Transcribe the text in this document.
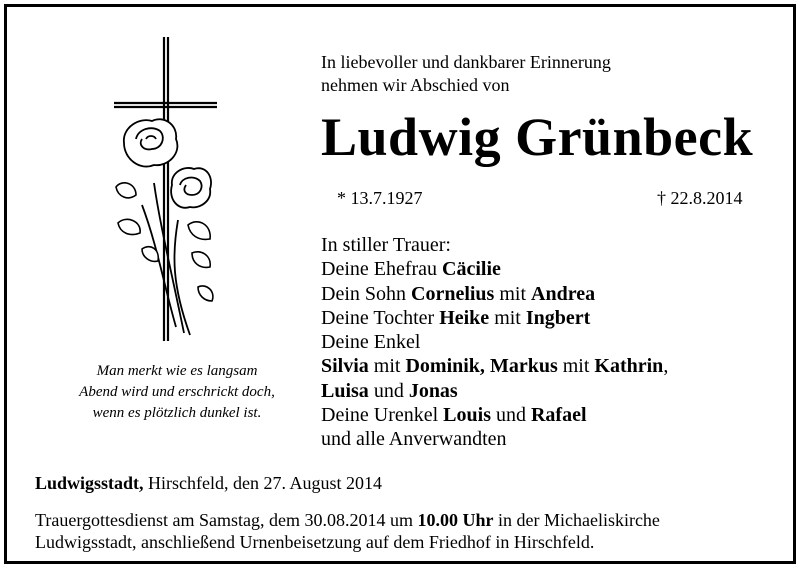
Man merkt wie es langsam
Abend wird und erschrickt doch,
wenn es plötzlich dunkel ist.
In liebevoller und dankbarer Erinnerung
nehmen wir Abschied von
Ludwig Grünbeck
* 13.7.1927	† 22.8.2014
In stiller Trauer:
Deine Ehefrau Cäcilie
Dein Sohn Cornelius mit Andrea
Deine Tochter Heike mit Ingbert
Deine Enkel
Silvia mit Dominik, Markus mit Kathrin,
Luisa und Jonas
Deine Urenkel Louis und Rafael
und alle Anverwandten
Ludwigsstadt, Hirschfeld, den 27. August 2014
Trauergottesdienst am Samstag, dem 30.08.2014 um 10.00 Uhr in der Michaeliskirche
Ludwigsstadt, anschließend Urnenbeisetzung auf dem Friedhof in Hirschfeld.
